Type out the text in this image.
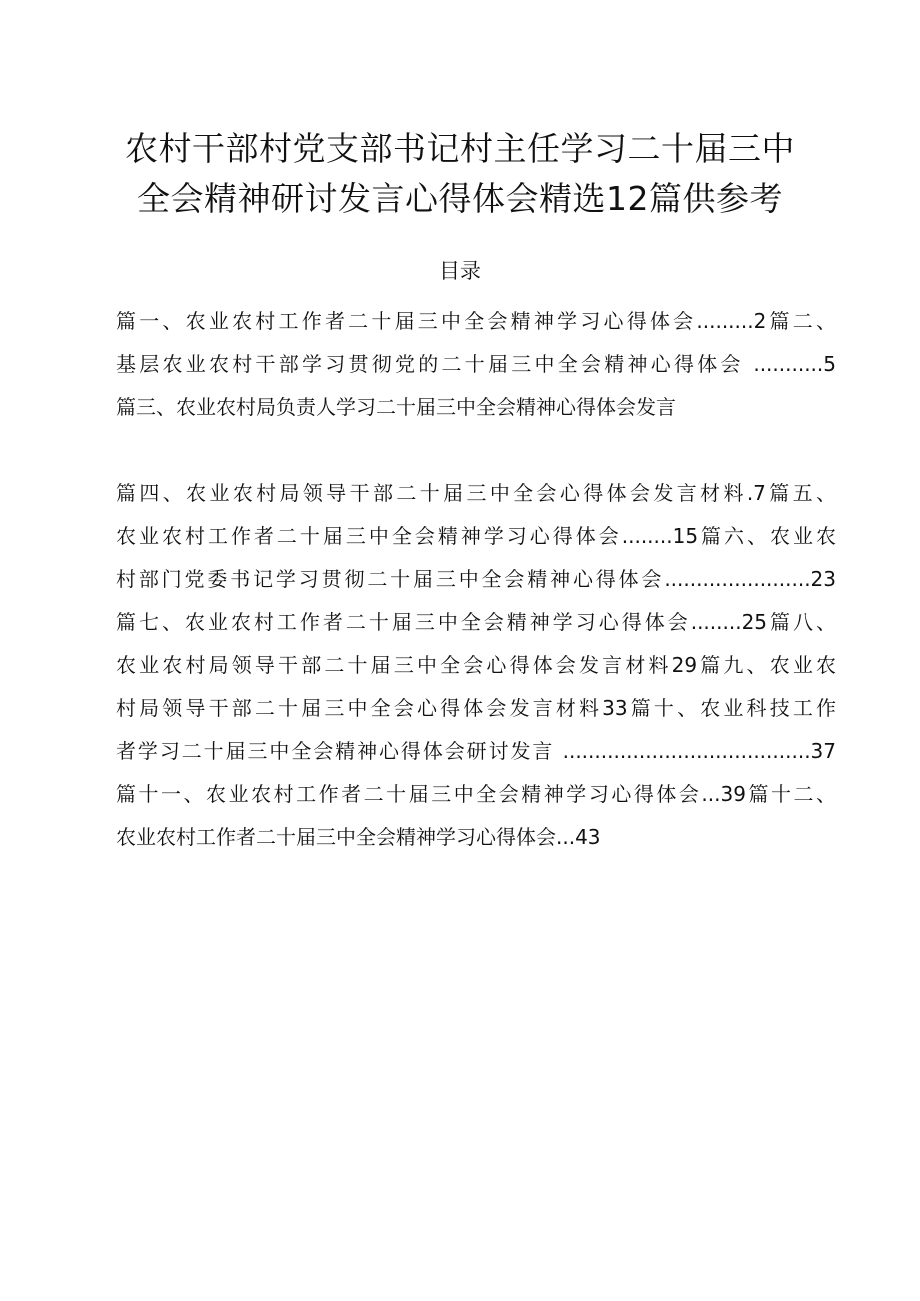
农村干部村党支部书记村主任学习二十届三中
全会精神研讨发言心得体会精选12篇供参考
目录
篇一、农业农村工作者二十届三中全会精神学习心得体会.........2篇二、
基层农业农村干部学习贯彻党的二十届三中全会精神心得体会 ...........5
篇三、农业农村局负责人学习二十届三中全会精神心得体会发言
篇四、农业农村局领导干部二十届三中全会心得体会发言材料.7篇五、
农业农村工作者二十届三中全会精神学习心得体会........15篇六、农业农
村部门党委书记学习贯彻二十届三中全会精神心得体会.......................23
篇七、农业农村工作者二十届三中全会精神学习心得体会........25篇八、
农业农村局领导干部二十届三中全会心得体会发言材料29篇九、农业农
村局领导干部二十届三中全会心得体会发言材料33篇十、农业科技工作
者学习二十届三中全会精神心得体会研讨发言 .......................................37
篇十一、农业农村工作者二十届三中全会精神学习心得体会...39篇十二、
农业农村工作者二十届三中全会精神学习心得体会...43
